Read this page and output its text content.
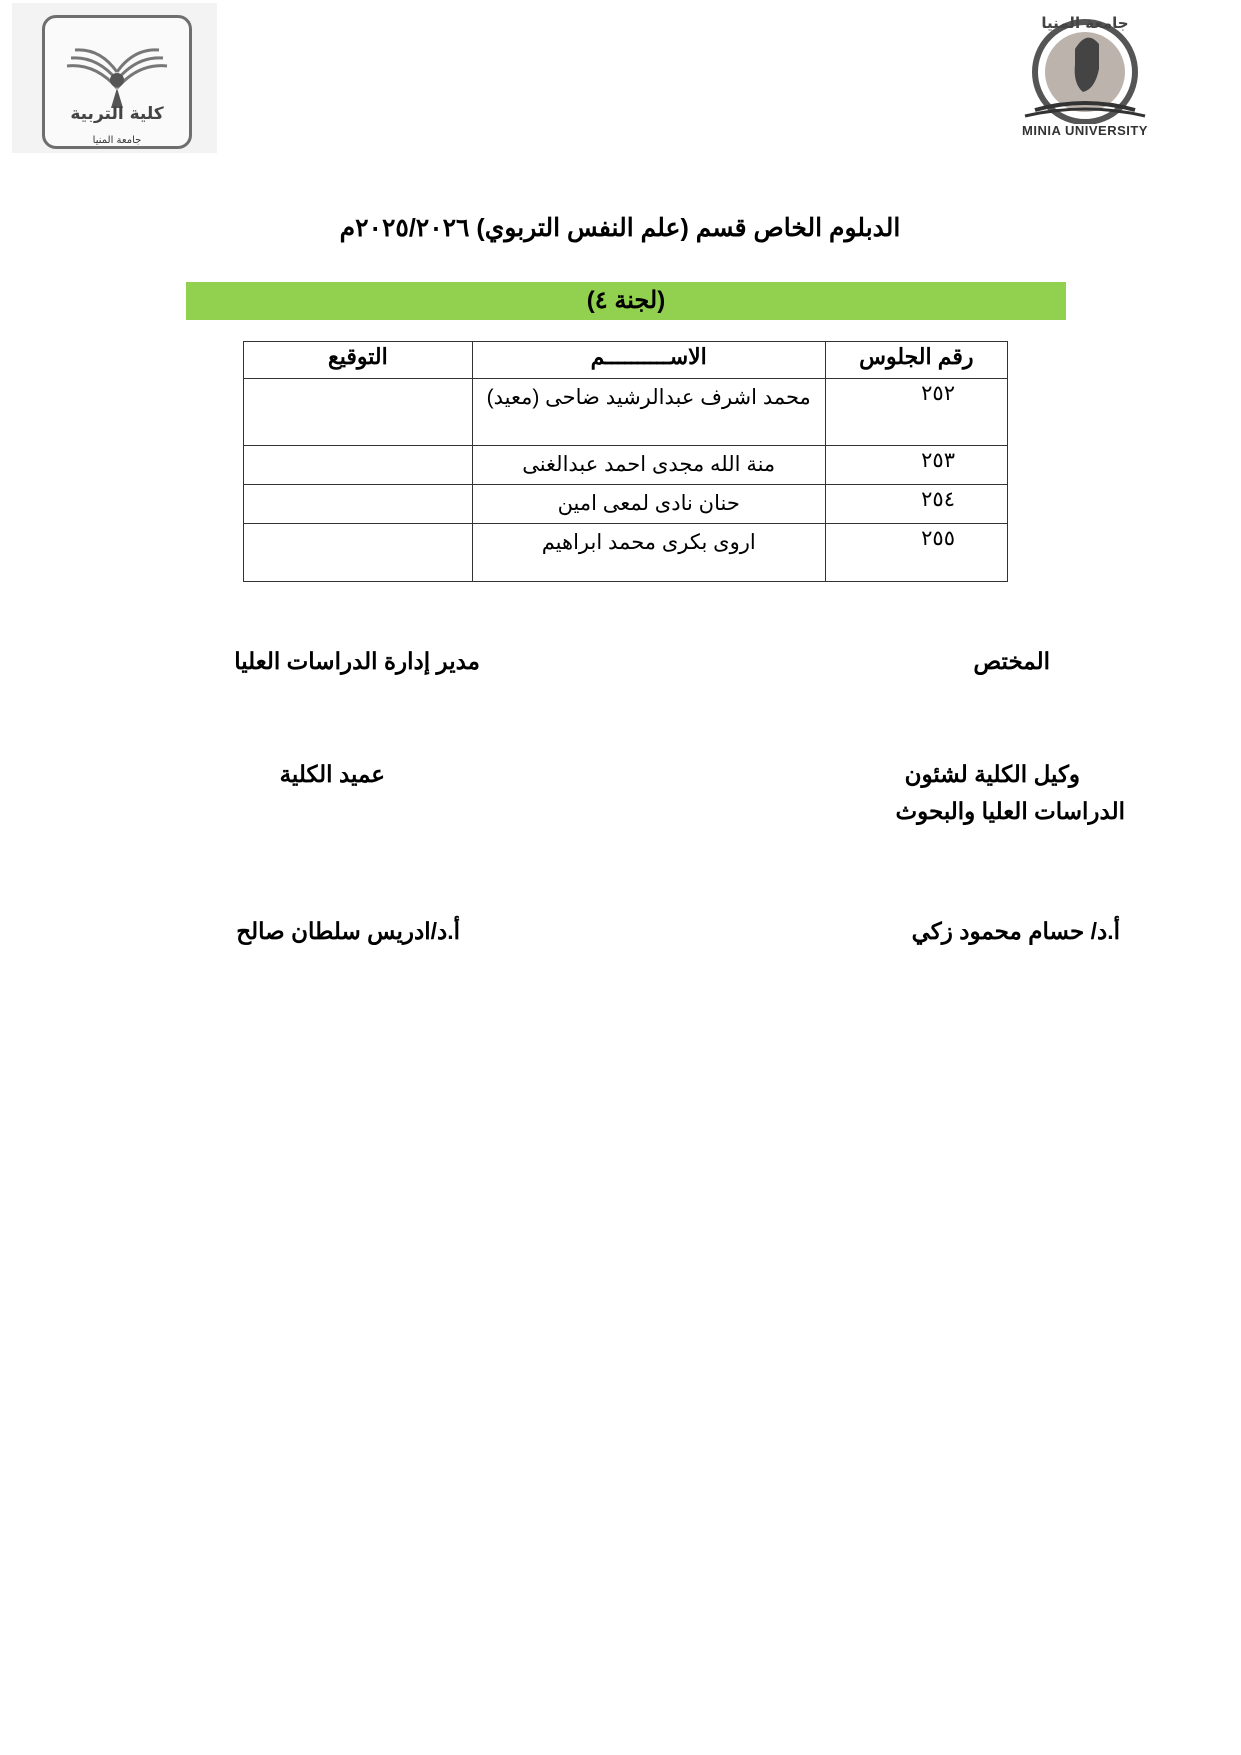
كلية التربية
جامعة المنيا
جامعة المنيا
MINIA UNIVERSITY
الدبلوم الخاص قسم (علم النفس التربوي) ٢٠٢٥/٢٠٢٦م
(لجنة ٤)
رقم الجلوس	الاســــــــــم	التوقيع
٢٥٢	محمد اشرف عبدالرشيد ضاحى (معيد)	
٢٥٣	منة الله مجدى احمد عبدالغنى	
٢٥٤	حنان نادى لمعى امين	
٢٥٥	اروى بكرى محمد ابراهيم	
المختص
مدير إدارة الدراسات العليا
وكيل الكلية لشئون
الدراسات العليا والبحوث
عميد الكلية
أ.د/ حسام محمود زكي
أ.د/ادريس سلطان صالح
